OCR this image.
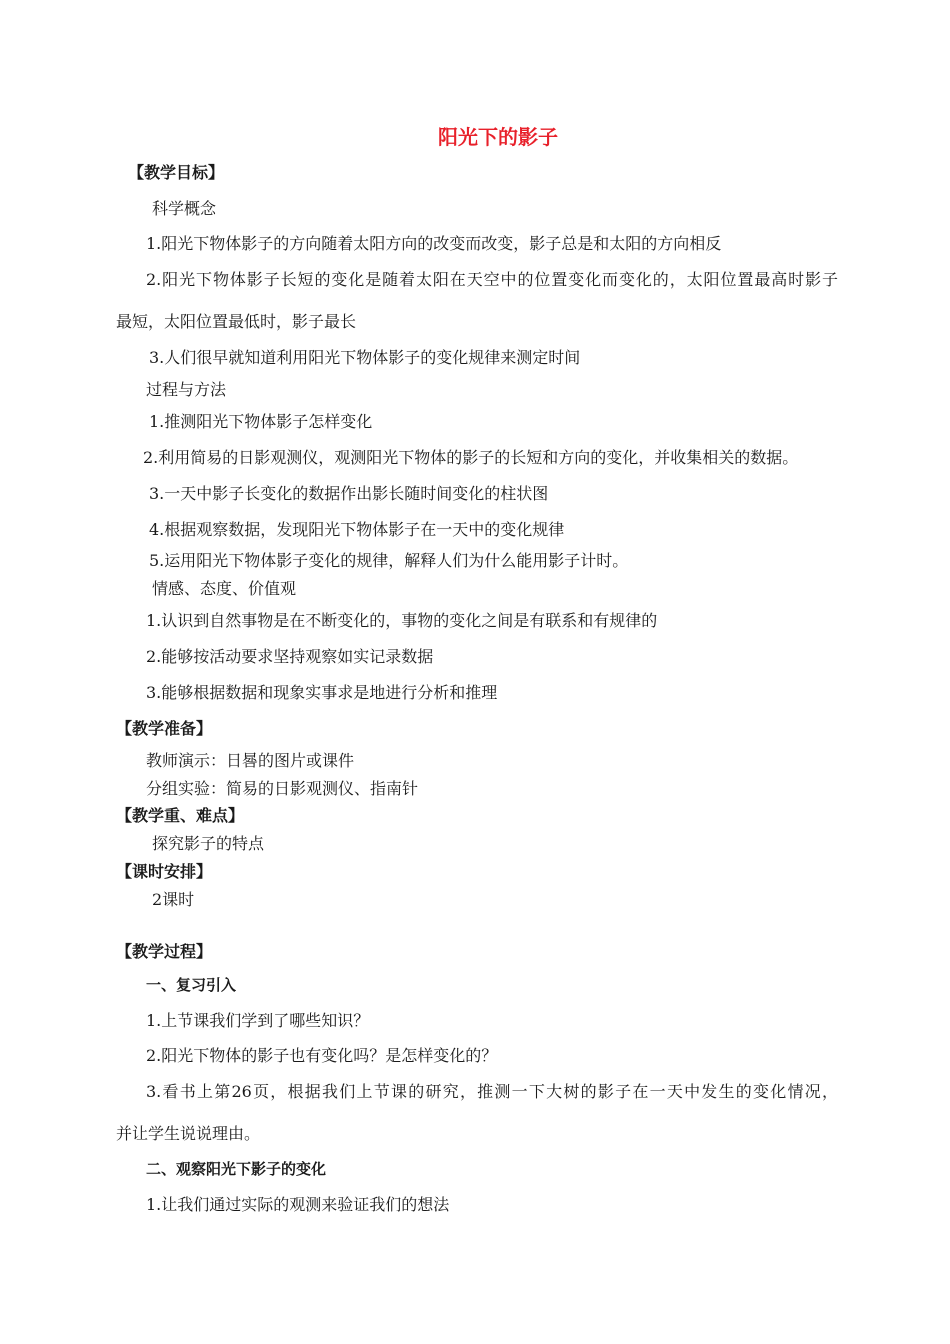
阳光下的影子
【教学目标】
科学概念
1.阳光下物体影子的方向随着太阳方向的改变而改变，影子总是和太阳的方向相反
2.阳光下物体影子长短的变化是随着太阳在天空中的位置变化而变化的，太阳位置最高时影子
最短，太阳位置最低时，影子最长
3.人们很早就知道利用阳光下物体影子的变化规律来测定时间
过程与方法
1.推测阳光下物体影子怎样变化
2.利用简易的日影观测仪，观测阳光下物体的影子的长短和方向的变化，并收集相关的数据。
3.一天中影子长变化的数据作出影长随时间变化的柱状图
4.根据观察数据，发现阳光下物体影子在一天中的变化规律
5.运用阳光下物体影子变化的规律，解释人们为什么能用影子计时。
情感、态度、价值观
1.认识到自然事物是在不断变化的，事物的变化之间是有联系和有规律的
2.能够按活动要求坚持观察如实记录数据
3.能够根据数据和现象实事求是地进行分析和推理
【教学准备】
教师演示：日晷的图片或课件
分组实验：简易的日影观测仪、指南针
【教学重、难点】
探究影子的特点
【课时安排】
2课时
【教学过程】
一、复习引入
1.上节课我们学到了哪些知识？
2.阳光下物体的影子也有变化吗？是怎样变化的？
3.看书上第26页，根据我们上节课的研究，推测一下大树的影子在一天中发生的变化情况，
并让学生说说理由。
二、观察阳光下影子的变化
1.让我们通过实际的观测来验证我们的想法
